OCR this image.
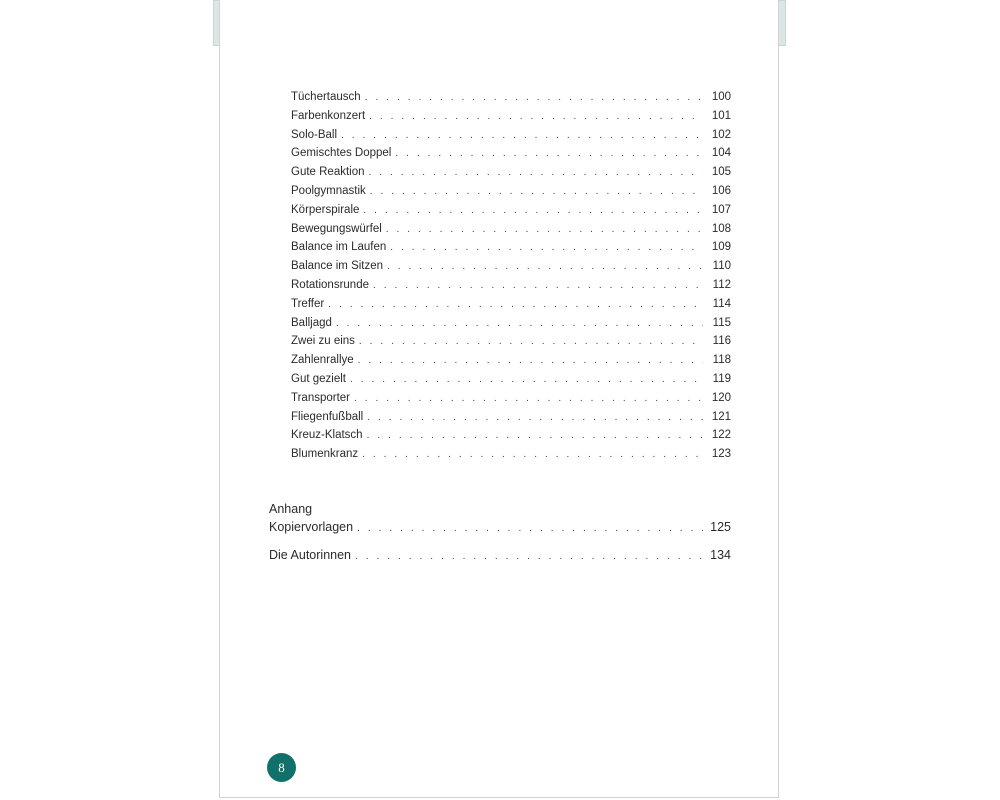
Tüchertausch . . .	100
Farbenkonzert . . .	101
Solo-Ball . . .	102
Gemischtes Doppel . . .	104
Gute Reaktion . . .	105
Poolgymnastik . . .	106
Körperspirale . . .	107
Bewegungswürfel . . .	108
Balance im Laufen . . .	109
Balance im Sitzen . . .	110
Rotationsrunde . . .	112
Treffer . . .	114
Balljagd . . .	115
Zwei zu eins . . .	116
Zahlenrallye . . .	118
Gut gezielt . . .	119
Transporter . . .	120
Fliegenfußball . . .	121
Kreuz-Klatsch . . .	122
Blumenkranz . . .	123
Anhang
Kopiervorlagen . . .	125
Die Autorinnen . . .	134
8
